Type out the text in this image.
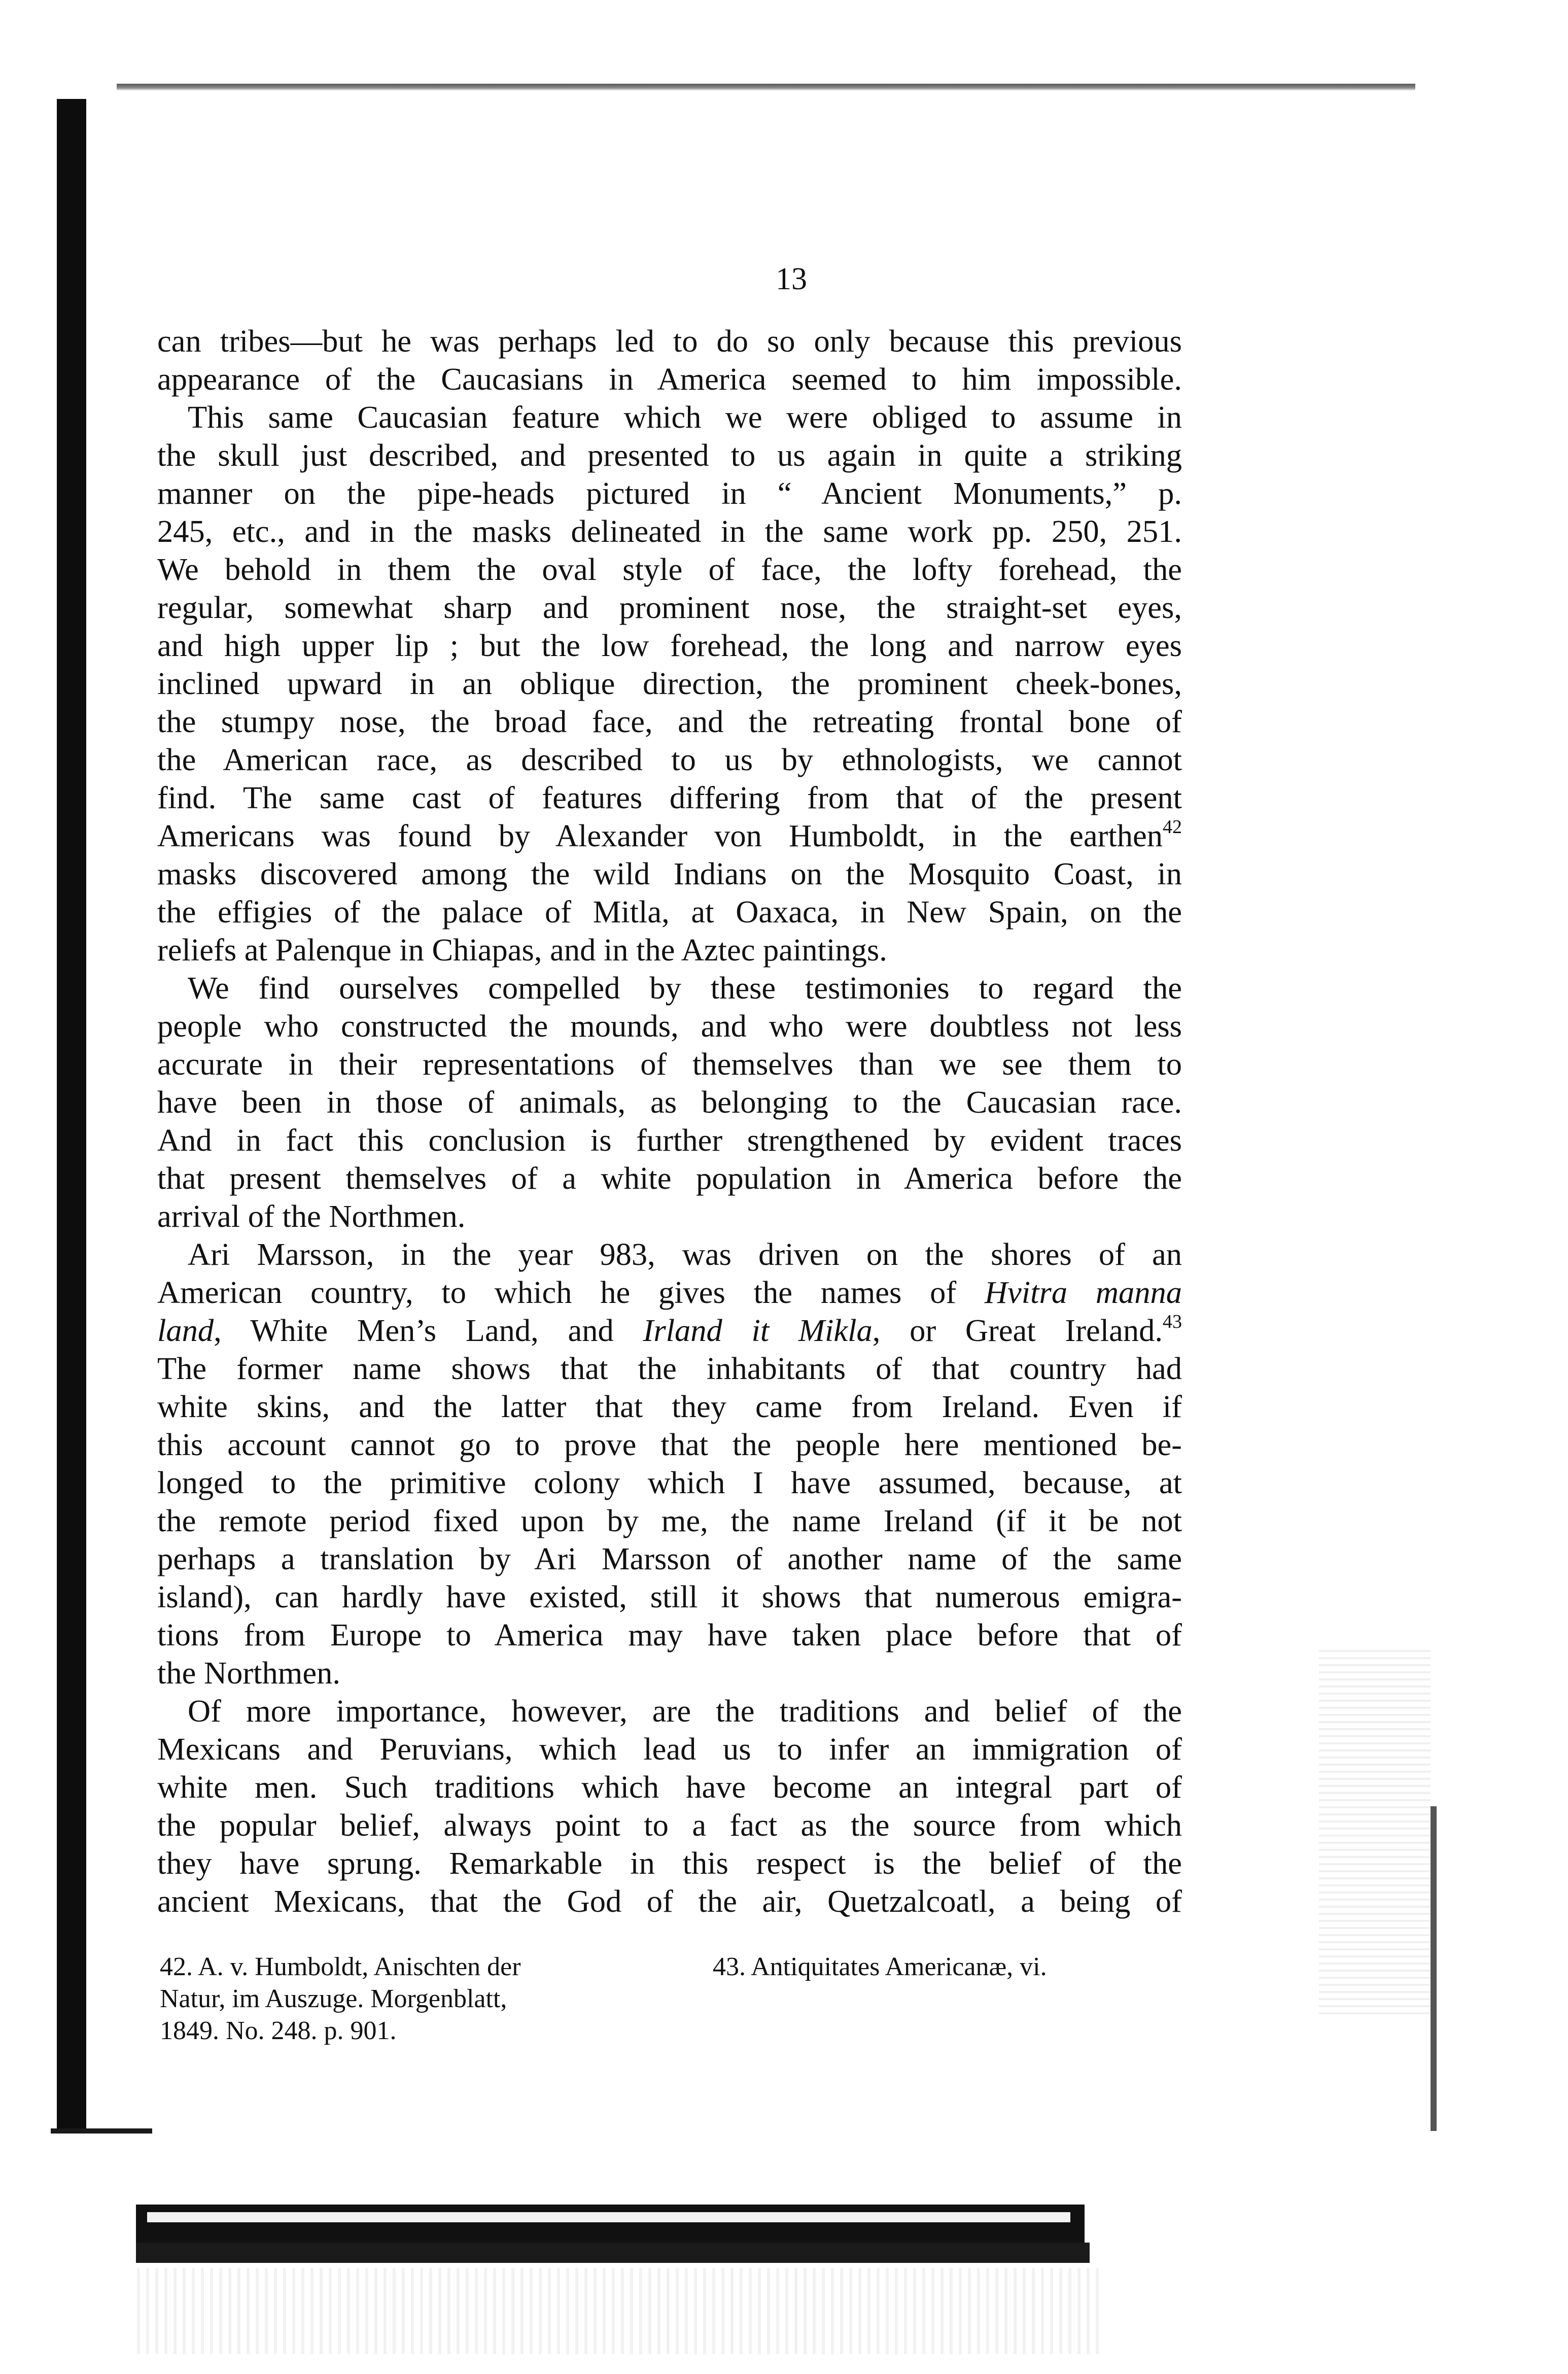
13
can tribes—but he was perhaps led to do so only because this previous
appearance of the Caucasians in America seemed to him impossible.
This same Caucasian feature which we were obliged to assume in
the skull just described, and presented to us again in quite a striking
manner on the pipe-heads pictured in “ Ancient Monuments,” p.
245, etc., and in the masks delineated in the same work pp. 250, 251.
We behold in them the oval style of face, the lofty forehead, the
regular, somewhat sharp and prominent nose, the straight-set eyes,
and high upper lip ; but the low forehead, the long and narrow eyes
inclined upward in an oblique direction, the prominent cheek-bones,
the stumpy nose, the broad face, and the retreating frontal bone of
the American race, as described to us by ethnologists, we cannot
find. The same cast of features differing from that of the present
Americans was found by Alexander von Humboldt, in the earthen$^{42}$
masks discovered among the wild Indians on the Mosquito Coast, in
the effigies of the palace of Mitla, at Oaxaca, in New Spain, on the
reliefs at Palenque in Chiapas, and in the Aztec paintings.
We find ourselves compelled by these testimonies to regard the
people who constructed the mounds, and who were doubtless not less
accurate in their representations of themselves than we see them to
have been in those of animals, as belonging to the Caucasian race.
And in fact this conclusion is further strengthened by evident traces
that present themselves of a white population in America before the
arrival of the Northmen.
Ari Marsson, in the year 983, was driven on the shores of an
American country, to which he gives the names of Hvitra manna
land, White Men’s Land, and Irland it Mikla, or Great Ireland.$^{43}$
The former name shows that the inhabitants of that country had
white skins, and the latter that they came from Ireland. Even if
this account cannot go to prove that the people here mentioned be-
longed to the primitive colony which I have assumed, because, at
the remote period fixed upon by me, the name Ireland (if it be not
perhaps a translation by Ari Marsson of another name of the same
island), can hardly have existed, still it shows that numerous emigra-
tions from Europe to America may have taken place before that of
the Northmen.
Of more importance, however, are the traditions and belief of the
Mexicans and Peruvians, which lead us to infer an immigration of
white men. Such traditions which have become an integral part of
the popular belief, always point to a fact as the source from which
they have sprung. Remarkable in this respect is the belief of the
ancient Mexicans, that the God of the air, Quetzalcoatl, a being of
42. A. v. Humboldt, Anischten der
Natur, im Auszuge. Morgenblatt,
1849. No. 248. p. 901.
43. Antiquitates Americanæ, vi.
